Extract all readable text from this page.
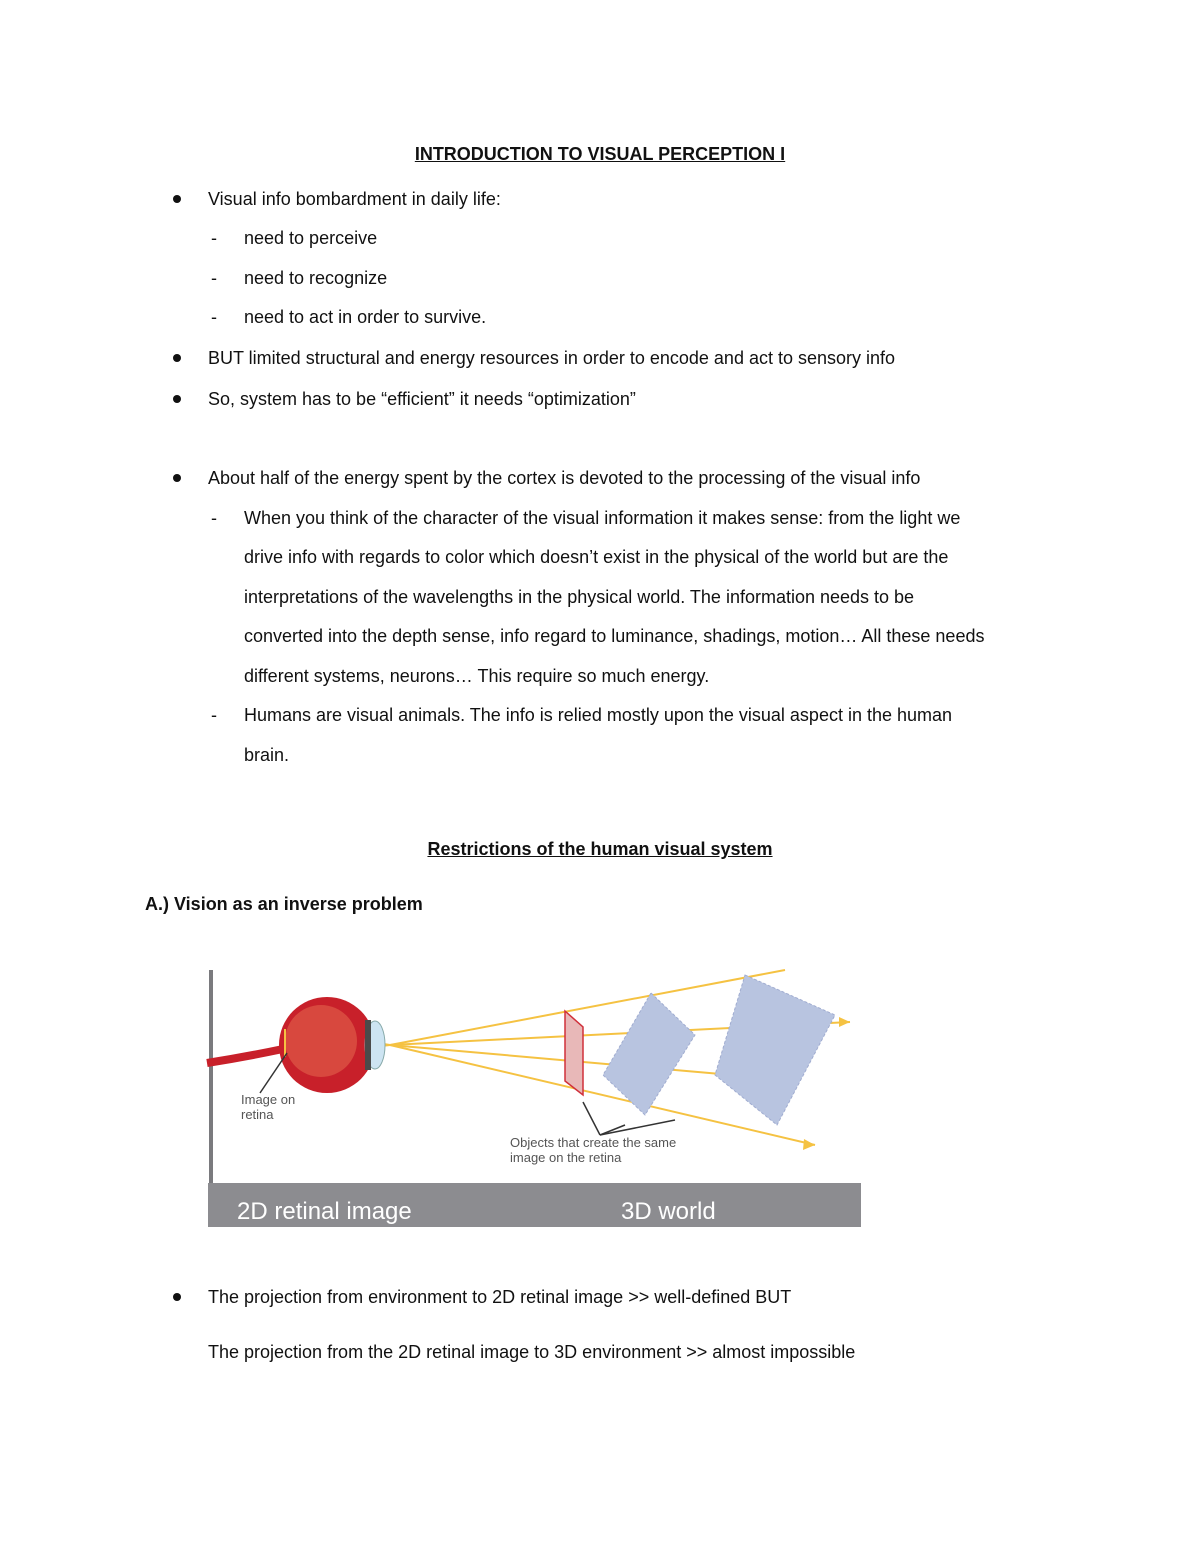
INTRODUCTION TO VISUAL PERCEPTION I
Visual info bombardment in daily life:
- need to perceive
- need to recognize
- need to act in order to survive.
BUT limited structural and energy resources in order to encode and act to sensory info
So, system has to be “efficient” it needs “optimization”
About half of the energy spent by the cortex is devoted to the processing of the visual info
- When you think of the character of the visual information it makes sense: from the light we
drive info with regards to color which doesn’t exist in the physical of the world but are the
interpretations of the wavelengths in the physical world. The information needs to be
converted into the depth sense, info regard to luminance, shadings, motion… All these needs
different systems, neurons… This require so much energy.
- Humans are visual animals. The info is relied mostly upon the visual aspect in the human
brain.
Restrictions of the human visual system
A.) Vision as an inverse problem
2D retinal image	3D world
Image on
retina
Objects that create the same
image on the retina
The projection from environment to 2D retinal image >> well-defined BUT
The projection from the 2D retinal image to 3D environment >> almost impossible
